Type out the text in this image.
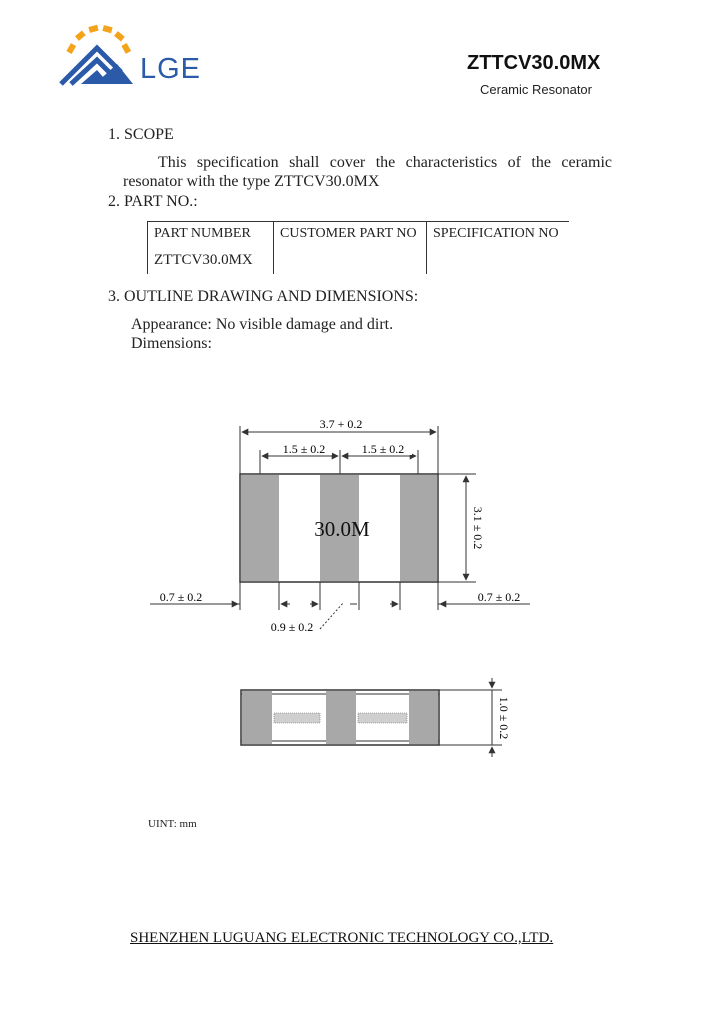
LGE	ZTTCV30.0MX
Ceramic Resonator
1. SCOPE
This specification shall cover the characteristics of the ceramic
resonator with the type ZTTCV30.0MX
2. PART NO.:
PART NUMBER	CUSTOMER PART NO	SPECIFICATION NO
ZTTCV30.0MX		
3. OUTLINE DRAWING AND DIMENSIONS:
Appearance: No visible damage and dirt.
Dimensions:
30.0M
3.7 + 0.2
1.5 ± 0.2	1.5 ± 0.2
3.1 ± 0.2
0.7 ± 0.2	0.7 ± 0.2
0.9 ± 0.2
1.0 ± 0.2
UINT: mm
SHENZHEN LUGUANG ELECTRONIC TECHNOLOGY CO.,LTD.
